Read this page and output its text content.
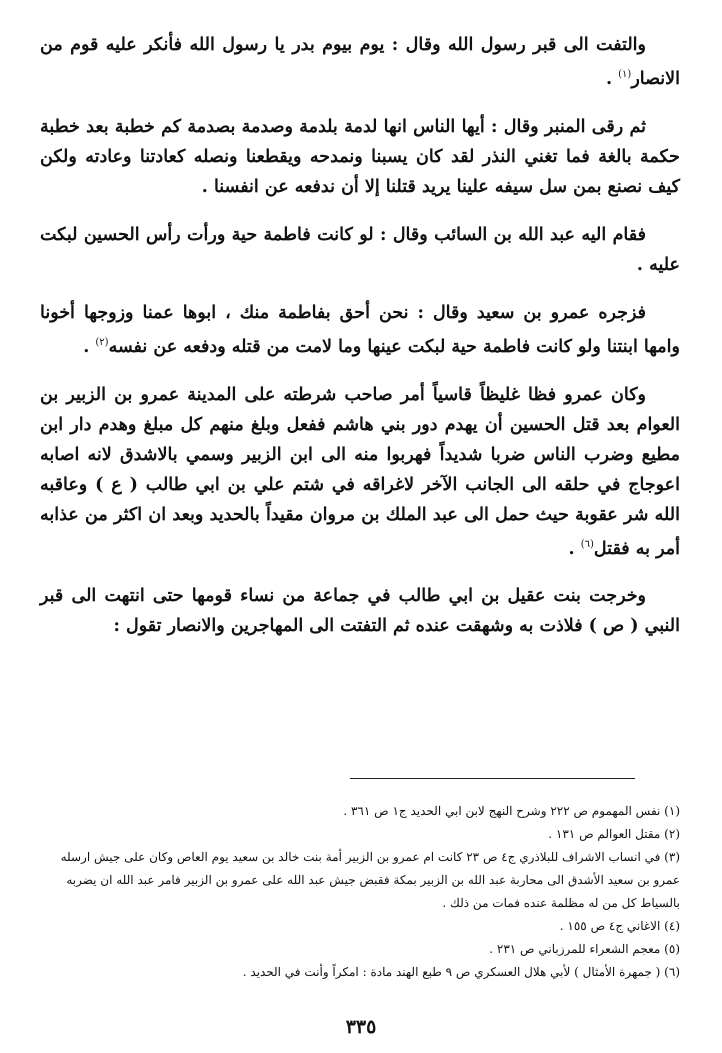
والتفت الى قبر رسول الله وقال : يوم بيوم بدر يا رسول الله فأنكر عليه قوم من الانصار$^{(١)}$ .

ثم رقى المنبر وقال : أيها الناس انها لدمة بلدمة وصدمة بصدمة كم خطبة بعد خطبة حكمة بالغة فما تغني النذر لقد كان يسبنا ونمدحه ويقطعنا ونصله كعادتنا وعادته ولكن كيف نصنع بمن سل سيفه علينا يريد قتلنا إلا أن ندفعه عن انفسنا .

فقام اليه عبد الله بن السائب وقال : لو كانت فاطمة حية ورأت رأس الحسين لبكت عليه .

فزجره عمرو بن سعيد وقال : نحن أحق بفاطمة منك ، ابوها عمنا وزوجها أخونا وامها ابنتنا ولو كانت فاطمة حية لبكت عينها وما لامت من قتله ودفعه عن نفسه$^{(٢)}$ .

وكان عمرو فظا غليظاً قاسياً أمر صاحب شرطته على المدينة عمرو بن الزبير بن العوام بعد قتل الحسين أن يهدم دور بني هاشم ففعل وبلغ منهم كل مبلغ وهدم دار ابن مطيع وضرب الناس ضربا شديداً فهربوا منه الى ابن الزبير وسمي بالاشدق لانه اصابه اعوجاج في حلقه الى الجانب الآخر لاغراقه في شتم علي بن ابي طالب ( ع ) وعاقبه الله شر عقوبة حيث حمل الى عبد الملك بن مروان مقيداً بالحديد وبعد ان اكثر من عذابه أمر به فقتل$^{(٦)}$ .

وخرجت بنت عقيل بن ابي طالب في جماعة من نساء قومها حتى انتهت الى قبر النبي ( ص ) فلاذت به وشهقت عنده ثم التفتت الى المهاجرين والانصار تقول :

(١) نفس المهموم ص ٢٢٢ وشرح النهج لابن ابي الحديد ج١ ص ٣٦١ .

(٢) مقتل العوالم ص ١٣١ .

(٣) في انساب الاشراف للبلاذري ج٤ ص ٢٣ كانت ام عمرو بن الزبير أمة بنت خالد بن سعيد يوم العاص وكان على جيش ارسله عمرو بن سعيد الأشدق الى محاربة عبد الله بن الزبير بمكة فقبض جيش عبد الله على عمرو بن الزبير فامر عبد الله ان يضربه بالسياط كل من له مظلمة عنده فمات من ذلك .

(٤) الاغاني ج٤ ص ١٥٥ .

(٥) معجم الشعراء للمرزباني ص ٢٣١ .

(٦) ( جمهرة الأمثال ) لأبي هلال العسكري ص ٩ طبع الهند مادة : امكراً وأنت في الحديد .

٣٣٥
